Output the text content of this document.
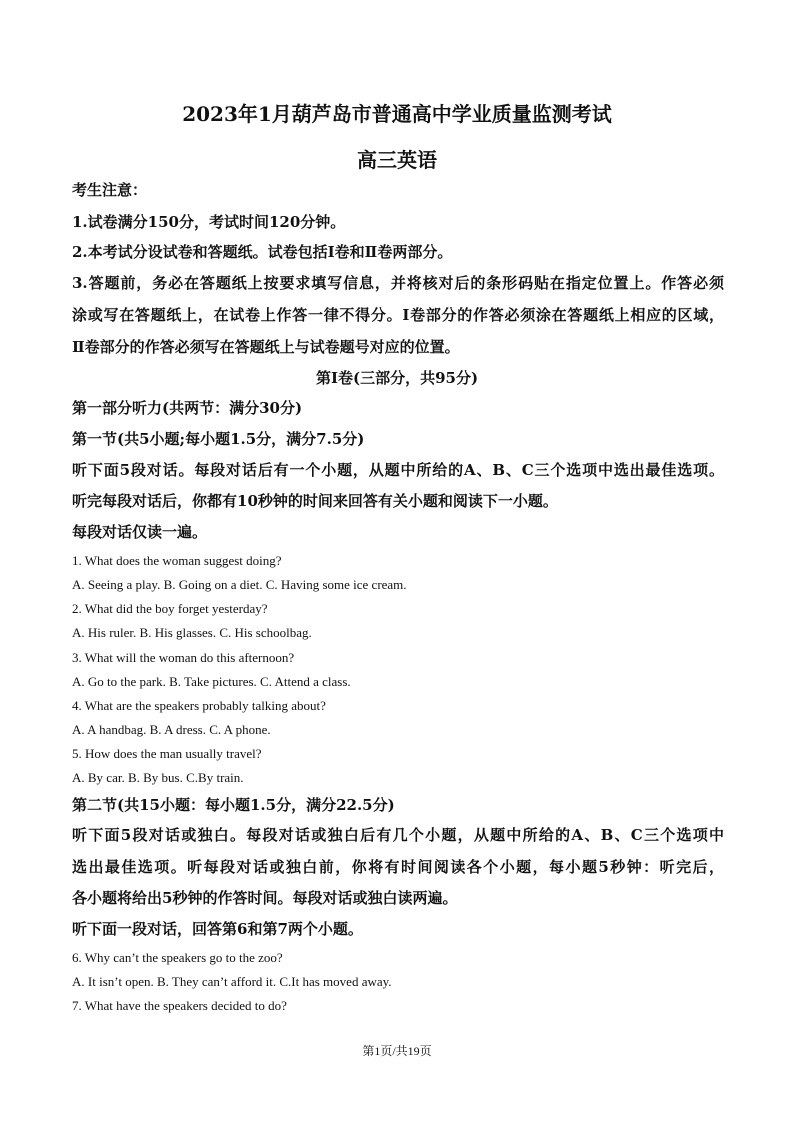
2023年1月葫芦岛市普通高中学业质量监测考试
高三英语

考生注意：

1.试卷满分150分，考试时间120分钟。

2.本考试分设试卷和答题纸。试卷包括I卷和Ⅱ卷两部分。

3.答题前，务必在答题纸上按要求填写信息，并将核对后的条形码贴在指定位置上。作答必须

涂或写在答题纸上，在试卷上作答一律不得分。I卷部分的作答必须涂在答题纸上相应的区域，

Ⅱ卷部分的作答必须写在答题纸上与试卷题号对应的位置。

第Ⅰ卷(三部分，共95分)

第一部分听力(共两节：满分30分)

第一节(共5小题;每小题1.5分，满分7.5分)

听下面5段对话。每段对话后有一个小题，从题中所给的A、B、C三个选项中选出最佳选项。

听完每段对话后，你都有10秒钟的时间来回答有关小题和阅读下一小题。

每段对话仅读一遍。

1. What does the woman suggest doing?

A. Seeing a play. B. Going on a diet. C. Having some ice cream.

2. What did the boy forget yesterday?

A. His ruler. B. His glasses. C. His schoolbag.

3. What will the woman do this afternoon?

A. Go to the park. B. Take pictures. C. Attend a class.

4. What are the speakers probably talking about?

A. A handbag. B. A dress. C. A phone.

5. How does the man usually travel?

A. By car. B. By bus. C.By train.

第二节(共15小题：每小题1.5分，满分22.5分)

听下面5段对话或独白。每段对话或独白后有几个小题，从题中所给的A、B、C三个选项中

选出最佳选项。听每段对话或独白前，你将有时间阅读各个小题，每小题5秒钟：听完后，

各小题将给出5秒钟的作答时间。每段对话或独白读两遍。

听下面一段对话，回答第6和第7两个小题。

6. Why can’t the speakers go to the zoo?

A. It isn’t open. B. They can’t afford it. C.It has moved away.

7. What have the speakers decided to do?

第1页/共19页
